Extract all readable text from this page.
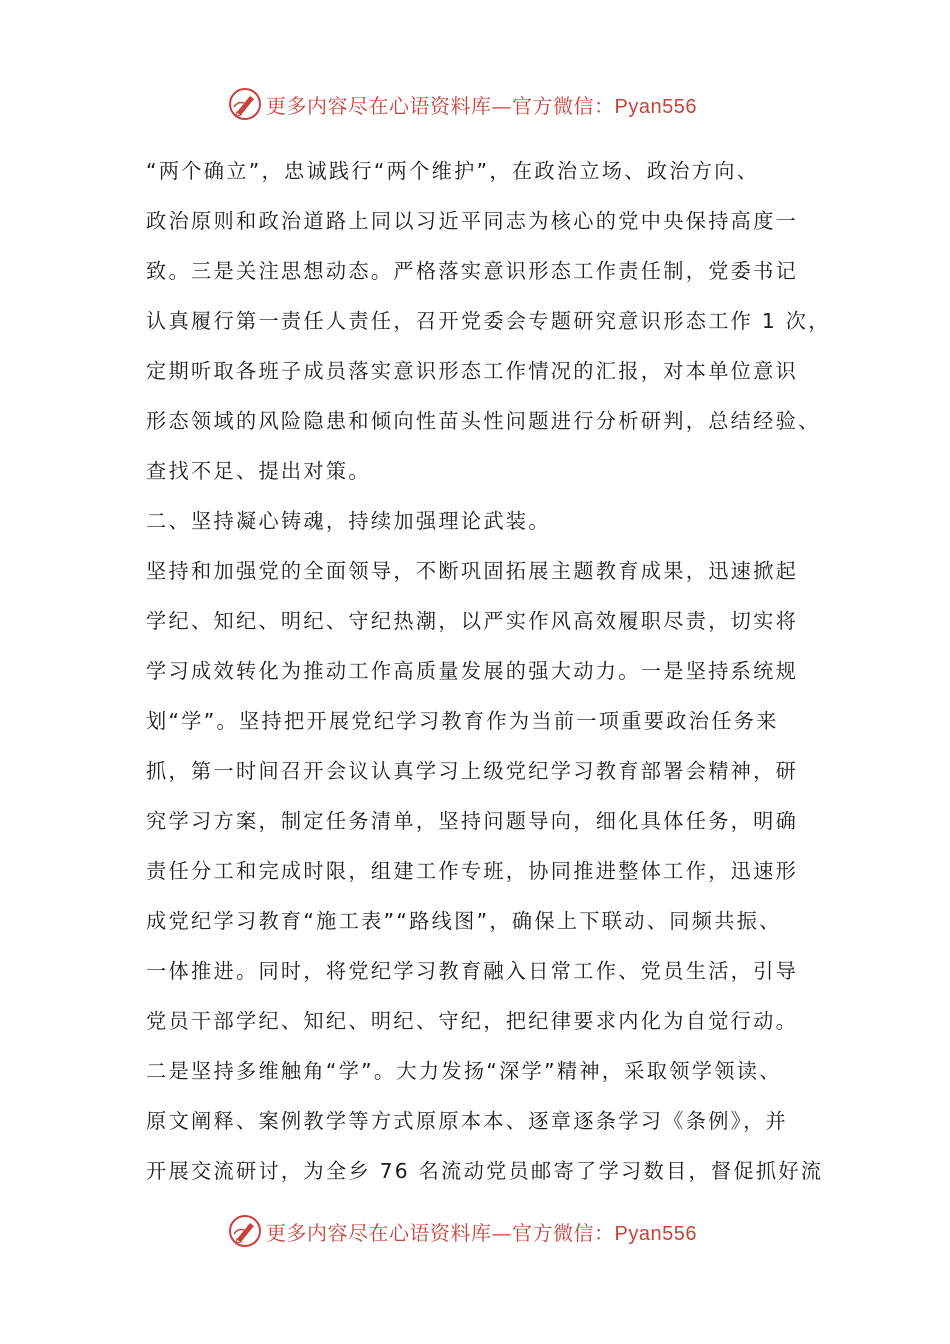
更多内容尽在心语资料库—官方微信：Pyan556
“两个确立”，忠诚践行“两个维护”，在政治立场、政治方向、
政治原则和政治道路上同以习近平同志为核心的党中央保持高度一
致。三是关注思想动态。严格落实意识形态工作责任制，党委书记
认真履行第一责任人责任，召开党委会专题研究意识形态工作 1 次，
定期听取各班子成员落实意识形态工作情况的汇报，对本单位意识
形态领域的风险隐患和倾向性苗头性问题进行分析研判，总结经验、
查找不足、提出对策。
二、坚持凝心铸魂，持续加强理论武装。
坚持和加强党的全面领导，不断巩固拓展主题教育成果，迅速掀起
学纪、知纪、明纪、守纪热潮，以严实作风高效履职尽责，切实将
学习成效转化为推动工作高质量发展的强大动力。一是坚持系统规
划“学”。坚持把开展党纪学习教育作为当前一项重要政治任务来
抓，第一时间召开会议认真学习上级党纪学习教育部署会精神，研
究学习方案，制定任务清单，坚持问题导向，细化具体任务，明确
责任分工和完成时限，组建工作专班，协同推进整体工作，迅速形
成党纪学习教育“施工表”“路线图”，确保上下联动、同频共振、
一体推进。同时，将党纪学习教育融入日常工作、党员生活，引导
党员干部学纪、知纪、明纪、守纪，把纪律要求内化为自觉行动。
二是坚持多维触角“学”。大力发扬“深学”精神，采取领学领读、
原文阐释、案例教学等方式原原本本、逐章逐条学习《条例》，并
开展交流研讨，为全乡 76 名流动党员邮寄了学习数目，督促抓好流
更多内容尽在心语资料库—官方微信：Pyan556
